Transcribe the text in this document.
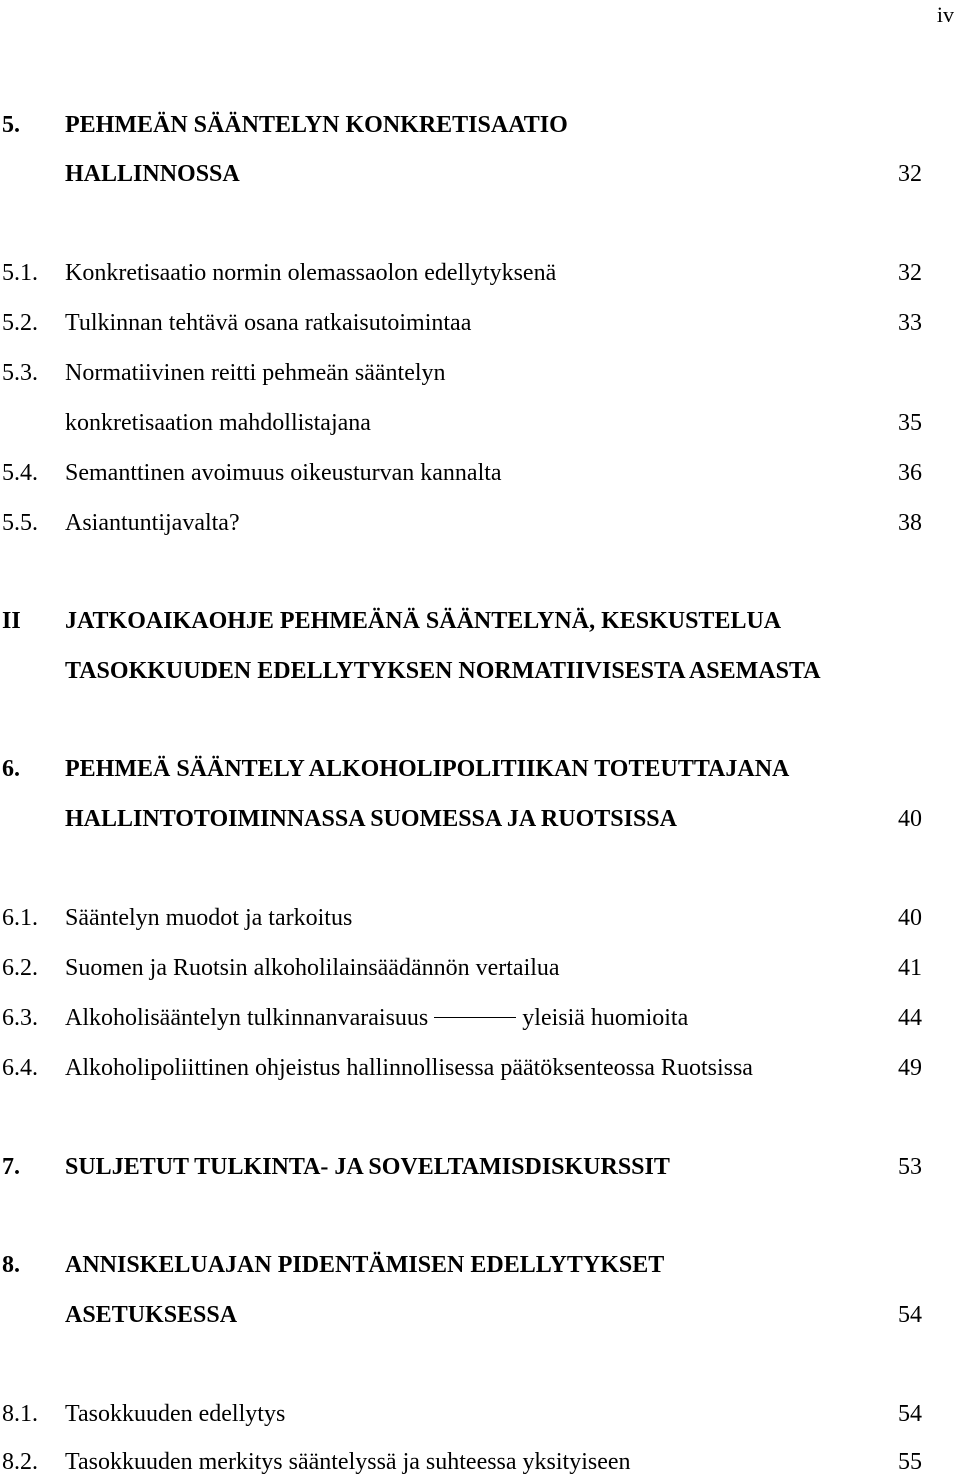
iv
5. PEHMEÄN SÄÄNTELYN KONKRETISAATIO
HALLINNOSSA	32
5.1. Konkretisaatio normin olemassaolon edellytyksenä	32
5.2. Tulkinnan tehtävä osana ratkaisutoimintaa	33
5.3. Normatiivinen reitti pehmeän sääntelyn
konkretisaation mahdollistajana	35
5.4. Semanttinen avoimuus oikeusturvan kannalta	36
5.5. Asiantuntijavalta?	38
II JATKOAIKAOHJE PEHMEÄNÄ SÄÄNTELYNÄ, KESKUSTELUA
TASOKKUUDEN EDELLYTYKSEN NORMATIIVISESTA ASEMASTA
6. PEHMEÄ SÄÄNTELY ALKOHOLIPOLITIIKAN TOTEUTTAJANA
HALLINTOTOIMINNASSA SUOMESSA JA RUOTSISSA	40
6.1. Sääntelyn muodot ja tarkoitus	40
6.2. Suomen ja Ruotsin alkoholilainsäädännön vertailua	41
6.3. Alkoholisääntelyn tulkinnanvaraisuus	yleisiä huomioita	44
6.4. Alkoholipoliittinen ohjeistus hallinnollisessa päätöksenteossa Ruotsissa	49
7. SULJETUT TULKINTA- JA SOVELTAMISDISKURSSIT	53
8. ANNISKELUAJAN PIDENTÄMISEN EDELLYTYKSET
ASETUKSESSA	54
8.1. Tasokkuuden edellytys	54
8.2. Tasokkuuden merkitys sääntelyssä ja suhteessa yksityiseen	55
